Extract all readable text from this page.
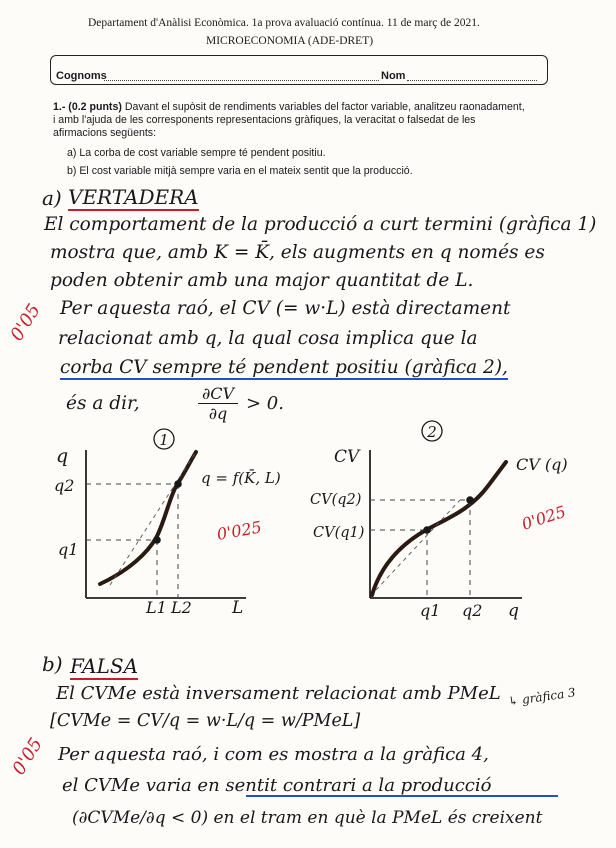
Departament d'Anàlisi Econòmica. 1a prova avaluació contínua. 11 de març de 2021.
MICROECONOMIA (ADE-DRET)
Cognoms	Nom
1.- (0.2 punts) Davant el supòsit de rendiments variables del factor variable, analitzeu raonadament,
i amb l'ajuda de les corresponents representacions gràfiques, la veracitat o falsedat de les
afirmacions següents:
a) La corba de cost variable sempre té pendent positiu.
b) El cost variable mitjà sempre varia en el mateix sentit que la producció.
a) VERTADERA
El comportament de la producció a curt termini (gràfica 1)
mostra que, amb K = K̄, els augments en q només es
poden obtenir amb una major quantitat de L.
Per aquesta raó, el CV (= w·L) està directament
relacionat amb q, la qual cosa implica que la
corba CV sempre té pendent positiu (gràfica 2),
és a dir,	∂CV
∂q	> 0.
0'05
1
q
q2
q1
L1 L2 L
q = f(K̄, L)
0'025
2
CV
CV(q2)
CV(q1)
q1 q2 q
CV (q)
0'025
b) FALSA
El CVMe està inversament relacionat amb PMeL ↳ gràfica 3
[CVMe = CV/q = w·L/q = w/PMeL]
Per aquesta raó, i com es mostra a la gràfica 4,
el CVMe varia en sentit contrari a la producció
(∂CVMe/∂q < 0) en el tram en què la PMeL és creixent
0'05
